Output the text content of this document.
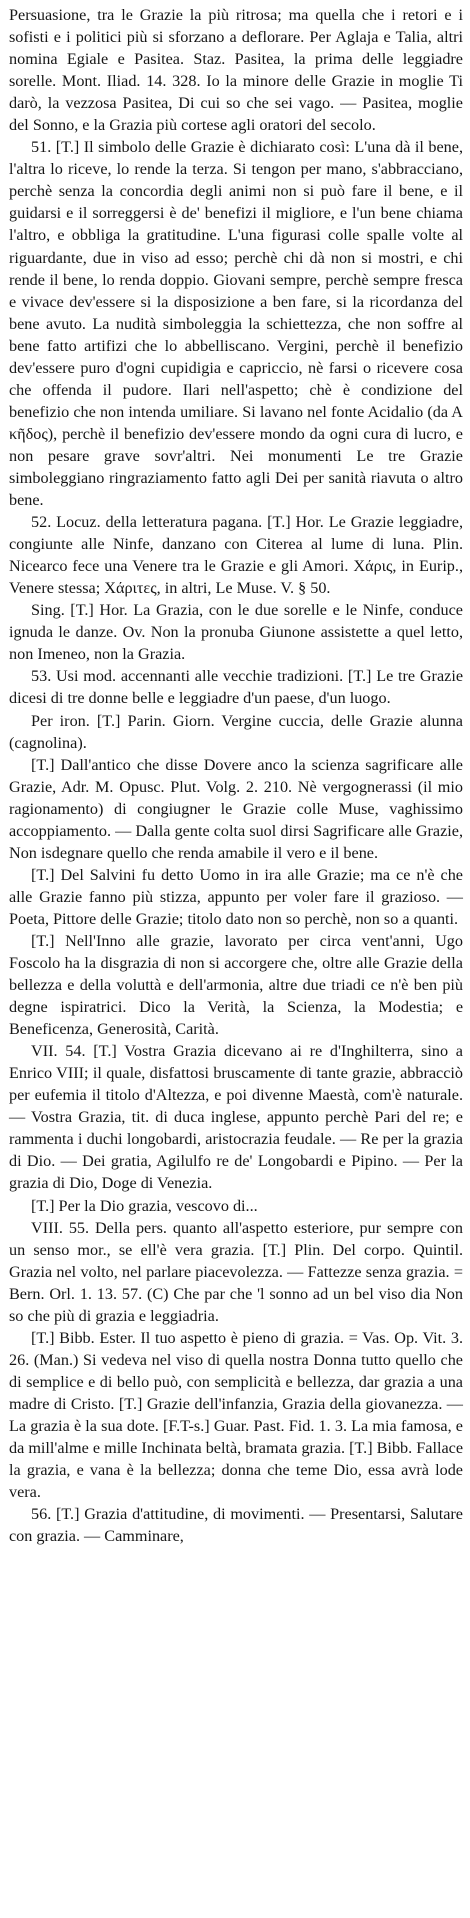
Persuasione, tra le Grazie la più ritrosa; ma quella che i retori e i sofisti e i politici più si sforzano a deflorare. Per Aglaja e Talia, altri nomina Egiale e Pasitea. Staz. Pasitea, la prima delle leggiadre sorelle. Mont. Iliad. 14. 328. Io la minore delle Grazie in moglie Ti darò, la vezzosa Pasitea, Di cui so che sei vago. — Pasitea, moglie del Sonno, e la Grazia più cortese agli oratori del secolo.

51. [T.] Il simbolo delle Grazie è dichiarato così: L'una dà il bene, l'altra lo riceve, lo rende la terza. Si tengon per mano, s'abbracciano, perchè senza la concordia degli animi non si può fare il bene, e il guidarsi e il sorreggersi è de' benefizi il migliore, e l'un bene chiama l'altro, e obbliga la gratitudine. L'una figurasi colle spalle volte al riguardante, due in viso ad esso; perchè chi dà non si mostri, e chi rende il bene, lo renda doppio. Giovani sempre, perchè sempre fresca e vivace dev'essere si la disposizione a ben fare, si la ricordanza del bene avuto. La nudità simboleggia la schiettezza, che non soffre al bene fatto artifizi che lo abbelliscano. Vergini, perchè il benefizio dev'essere puro d'ogni cupidigia e capriccio, nè farsi o ricevere cosa che offenda il pudore. Ilari nell'aspetto; chè è condizione del benefizio che non intenda umiliare. Si lavano nel fonte Acidalio (da A κῆδος), perchè il benefizio dev'essere mondo da ogni cura di lucro, e non pesare grave sovr'altri. Nei monumenti Le tre Grazie simboleggiano ringraziamento fatto agli Dei per sanità riavuta o altro bene.

52. Locuz. della letteratura pagana. [T.] Hor. Le Grazie leggiadre, congiunte alle Ninfe, danzano con Citerea al lume di luna. Plin. Nicearco fece una Venere tra le Grazie e gli Amori. Χάρις, in Eurip., Venere stessa; Χάριτες, in altri, Le Muse. V. § 50.

Sing. [T.] Hor. La Grazia, con le due sorelle e le Ninfe, conduce ignuda le danze. Ov. Non la pronuba Giunone assistette a quel letto, non Imeneo, non la Grazia.

53. Usi mod. accennanti alle vecchie tradizioni. [T.] Le tre Grazie dicesi di tre donne belle e leggiadre d'un paese, d'un luogo.

Per iron. [T.] Parin. Giorn. Vergine cuccia, delle Grazie alunna (cagnolina).

[T.] Dall'antico che disse Dovere anco la scienza sagrificare alle Grazie, Adr. M. Opusc. Plut. Volg. 2. 210. Nè vergognerassi (il mio ragionamento) di congiugner le Grazie colle Muse, vaghissimo accoppiamento. — Dalla gente colta suol dirsi Sagrificare alle Grazie, Non isdegnare quello che renda amabile il vero e il bene.

[T.] Del Salvini fu detto Uomo in ira alle Grazie; ma ce n'è che alle Grazie fanno più stizza, appunto per voler fare il grazioso. — Poeta, Pittore delle Grazie; titolo dato non so perchè, non so a quanti.

[T.] Nell'Inno alle grazie, lavorato per circa vent'anni, Ugo Foscolo ha la disgrazia di non si accorgere che, oltre alle Grazie della bellezza e della voluttà e dell'armonia, altre due triadi ce n'è ben più degne ispiratrici. Dico la Verità, la Scienza, la Modestia; e Beneficenza, Generosità, Carità.

VII. 54. [T.] Vostra Grazia dicevano ai re d'Inghilterra, sino a Enrico VIII; il quale, disfattosi bruscamente di tante grazie, abbracciò per eufemia il titolo d'Altezza, e poi divenne Maestà, com'è naturale. — Vostra Grazia, tit. di duca inglese, appunto perchè Pari del re; e rammenta i duchi longobardi, aristocrazia feudale. — Re per la grazia di Dio. — Dei gratia, Agilulfo re de' Longobardi e Pipino. — Per la grazia di Dio, Doge di Venezia.

[T.] Per la Dio grazia, vescovo di...

VIII. 55. Della pers. quanto all'aspetto esteriore, pur sempre con un senso mor., se ell'è vera grazia. [T.] Plin. Del corpo. Quintil. Grazia nel volto, nel parlare piacevolezza. — Fattezze senza grazia. = Bern. Orl. 1. 13. 57. (C) Che par che 'l sonno ad un bel viso dia Non so che più di grazia e leggiadria.

[T.] Bibb. Ester. Il tuo aspetto è pieno di grazia. = Vas. Op. Vit. 3. 26. (Man.) Si vedeva nel viso di quella nostra Donna tutto quello che di semplice e di bello può, con semplicità e bellezza, dar grazia a una madre di Cristo. [T.] Grazie dell'infanzia, Grazia della giovanezza. — La grazia è la sua dote. [F.T-s.] Guar. Past. Fid. 1. 3. La mia famosa, e da mill'alme e mille Inchinata beltà, bramata grazia. [T.] Bibb. Fallace la grazia, e vana è la bellezza; donna che teme Dio, essa avrà lode vera.

56. [T.] Grazia d'attitudine, di movimenti. — Presentarsi, Salutare con grazia. — Camminare,
